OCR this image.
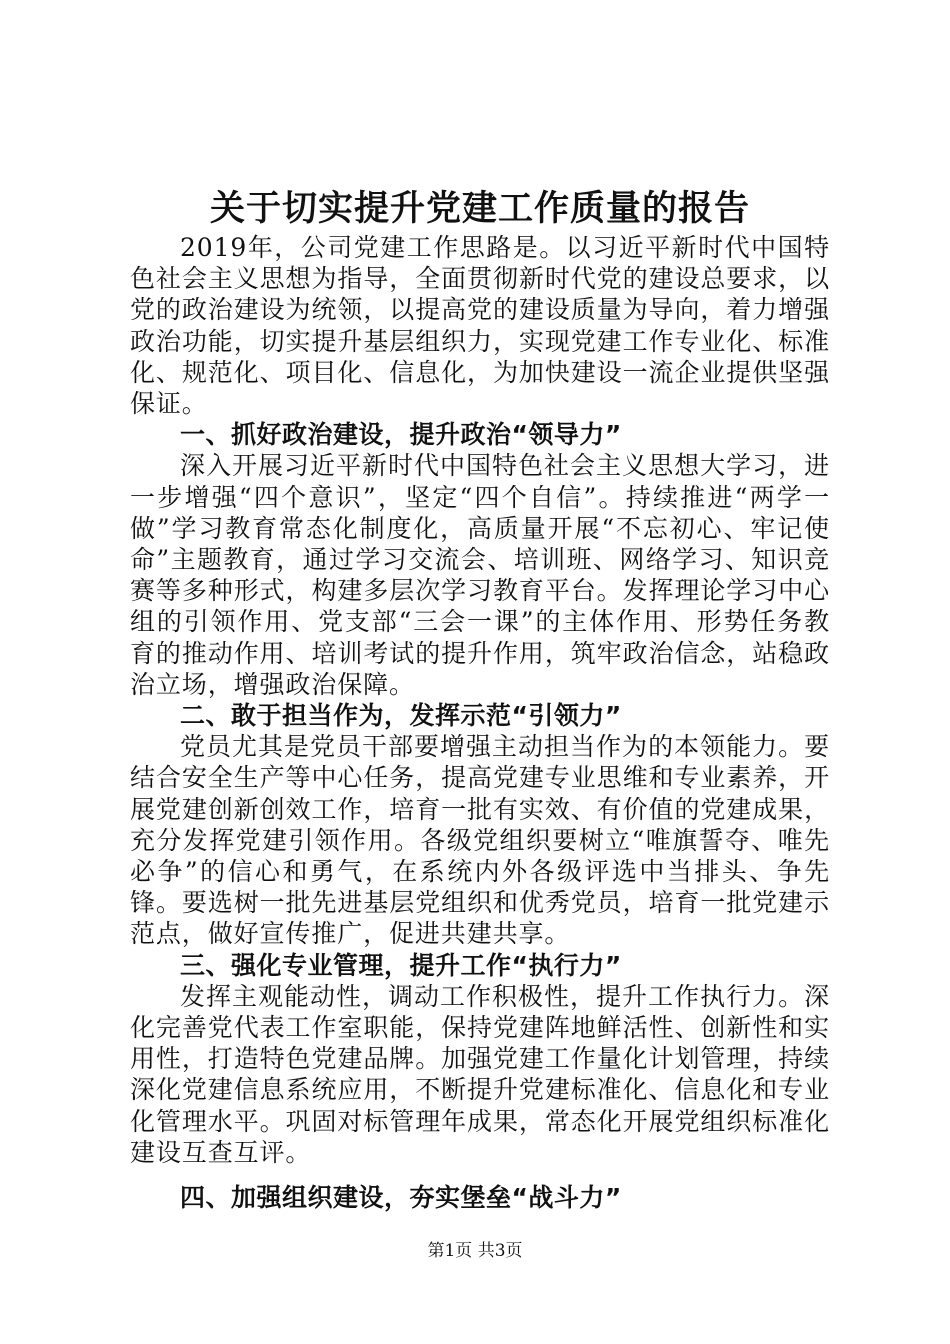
关于切实提升党建工作质量的报告

2019年，公司党建工作思路是。以习近平新时代中国特色社会主义思想为指导，全面贯彻新时代党的建设总要求，以党的政治建设为统领，以提高党的建设质量为导向，着力增强政治功能，切实提升基层组织力，实现党建工作专业化、标准化、规范化、项目化、信息化，为加快建设一流企业提供坚强保证。

一、抓好政治建设，提升政治“领导力”

深入开展习近平新时代中国特色社会主义思想大学习，进一步增强“四个意识”，坚定“四个自信”。持续推进“两学一做”学习教育常态化制度化，高质量开展“不忘初心、牢记使命”主题教育，通过学习交流会、培训班、网络学习、知识竞赛等多种形式，构建多层次学习教育平台。发挥理论学习中心组的引领作用、党支部“三会一课”的主体作用、形势任务教育的推动作用、培训考试的提升作用，筑牢政治信念，站稳政治立场，增强政治保障。

二、敢于担当作为，发挥示范“引领力”

党员尤其是党员干部要增强主动担当作为的本领能力。要结合安全生产等中心任务，提高党建专业思维和专业素养，开展党建创新创效工作，培育一批有实效、有价值的党建成果，充分发挥党建引领作用。各级党组织要树立“唯旗誓夺、唯先必争”的信心和勇气，在系统内外各级评选中当排头、争先锋。要选树一批先进基层党组织和优秀党员，培育一批党建示范点，做好宣传推广，促进共建共享。

三、强化专业管理，提升工作“执行力”

发挥主观能动性，调动工作积极性，提升工作执行力。深化完善党代表工作室职能，保持党建阵地鲜活性、创新性和实用性，打造特色党建品牌。加强党建工作量化计划管理，持续深化党建信息系统应用，不断提升党建标准化、信息化和专业化管理水平。巩固对标管理年成果，常态化开展党组织标准化建设互查互评。

四、加强组织建设，夯实堡垒“战斗力”
第1页 共3页
